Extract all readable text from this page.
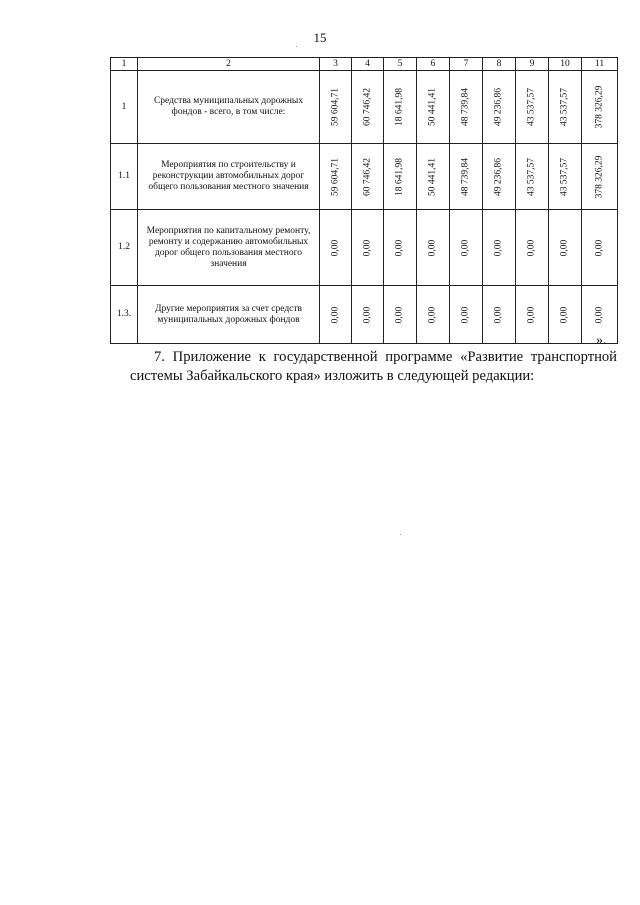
15
1	2	3	4	5	6	7	8	9	10	11
1	Средства муниципальных дорожных фондов - всего, в том числе:	59 604,71	60 746,42	18 641,98	50 441,41	48 739,84	49 236,86	43 537,57	43 537,57	378 326,29

1.1	Мероприятия по строительству и реконструкции автомобильных дорог общего пользования местного значения	59 604,71	60 746,42	18 641,98	50 441,41	48 739,84	49 236,86	43 537,57	43 537,57	378 326,29

1.2	Мероприятия по капитальному ремонту, ремонту и содержанию автомобильных дорог общего пользования местного значения	0,00	0,00	0,00	0,00	0,00	0,00	0,00	0,00	0,00

1.3.	Другие мероприятия за счет средств муниципальных дорожных фондов	0,00	0,00	0,00	0,00	0,00	0,00	0,00	0,00	0,00
».

7. Приложение к государственной программе «Развитие транспортной системы Забайкальского края» изложить в следующей редакции:
